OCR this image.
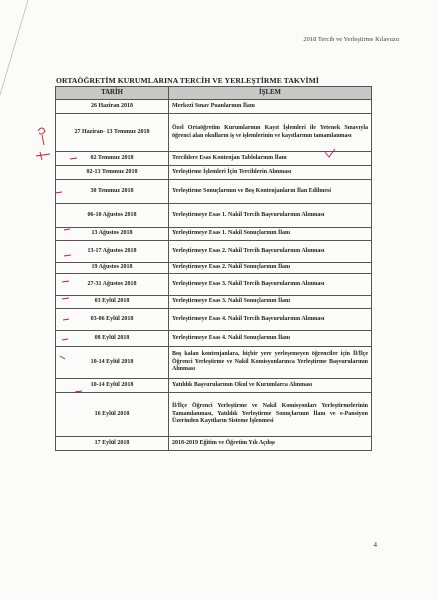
2018 Tercih ve Yerleştirme Kılavuzu
ORTAÖĞRETİM KURUMLARINA TERCİH VE YERLEŞTİRME TAKVİMİ
TARİH	İŞLEM
26 Haziran 2018	Merkezî Sınav Puanlarının İlanı
27 Haziran- 13 Temmuz 2018	Özel Ortaöğretim Kurumlarının Kayıt İşlemleri ile Yetenek Sınavıyla öğrenci alan okulların iş ve işlemlerinin ve kayıtlarının tamamlanması
02 Temmuz 2018	Tercihlere Esas Kontenjan Tablolarının İlanı
02-13 Temmuz 2018	Yerleştirme İşlemleri İçin Tercihlerin Alınması
30 Temmuz 2018	Yerleştirme Sonuçlarının ve Boş Kontenjanların İlan Edilmesi
06-10 Ağustos 2018	Yerleştirmeye Esas 1. Nakil Tercih Başvurularının Alınması
13 Ağustos 2018	Yerleştirmeye Esas 1. Nakil Sonuçlarının İlanı
13-17 Ağustos 2018	Yerleştirmeye Esas 2. Nakil Tercih Başvurularının Alınması
19 Ağustos 2018	Yerleştirmeye Esas 2. Nakil Sonuçlarının İlanı
27-31 Ağustos 2018	Yerleştirmeye Esas 3. Nakil Tercih Başvurularının Alınması
03 Eylül 2018	Yerleştirmeye Esas 3. Nakil Sonuçlarının İlanı
03-06 Eylül 2018	Yerleştirmeye Esas 4. Nakil Tercih Başvurularının Alınması
08 Eylül 2018	Yerleştirmeye Esas 4. Nakil Sonuçlarının İlanı
10-14 Eylül 2018	Boş kalan kontenjanlara, hiçbir yere yerleşemeyen öğrenciler için İl/İlçe Öğrenci Yerleştirme ve Nakil Komisyonlarınca Yerleştirme Başvurularının Alınması
10-14 Eylül 2018	Yatılılık Başvurularının Okul ve Kurumlarca Alınması
16 Eylül 2018	İl/İlçe Öğrenci Yerleştirme ve Nakil Komisyonları Yerleştirmelerinin Tamamlanması, Yatılılık Yerleştirme Sonuçlarının İlanı ve e-Pansiyon Üzerinden Kayıtların Sisteme İşlenmesi
17 Eylül 2018	2018-2019 Eğitim ve Öğretim Yılı Açılışı
4
